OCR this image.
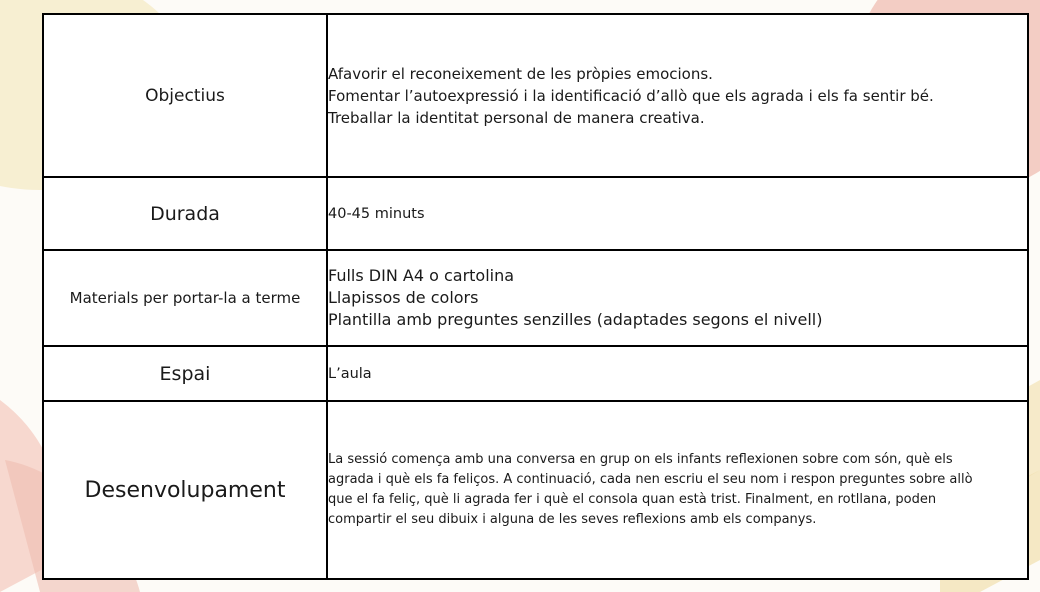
Objectius	Afavorir el reconeixement de les pròpies emocions.
Fomentar l’autoexpressió i la identificació d’allò que els agrada i els fa sentir bé.
Treballar la identitat personal de manera creativa.

Durada	40-45 minuts

Materials per portar-la a terme	Fulls DIN A4 o cartolina
Llapissos de colors
Plantilla amb preguntes senzilles (adaptades segons el nivell)

Espai	L’aula

Desenvolupament	La sessió comença amb una conversa en grup on els infants reflexionen sobre com són, què els
agrada i què els fa feliços. A continuació, cada nen escriu el seu nom i respon preguntes sobre allò
que el fa feliç, què li agrada fer i què el consola quan està trist. Finalment, en rotllana, poden
compartir el seu dibuix i alguna de les seves reflexions amb els companys.
